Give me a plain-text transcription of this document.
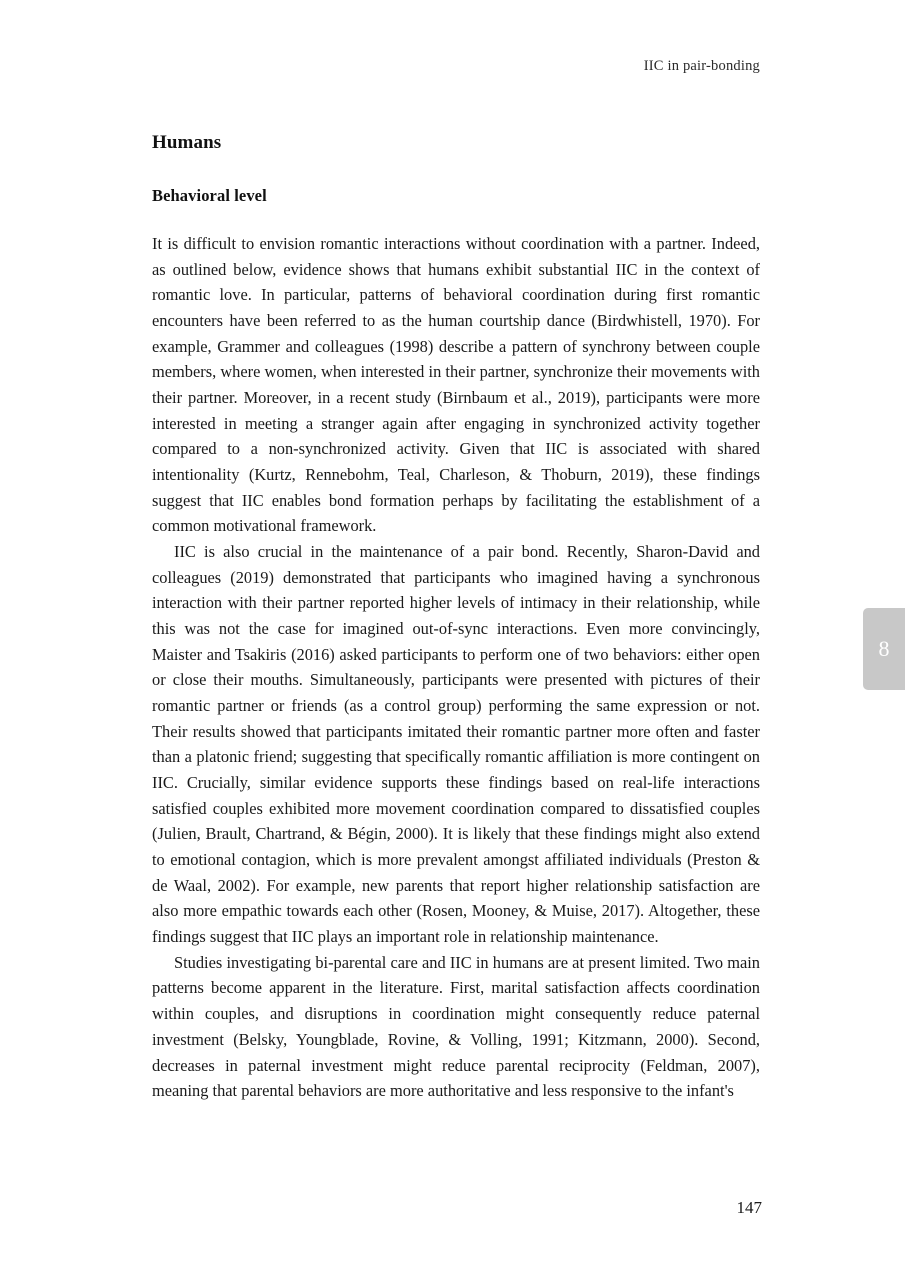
IIC in pair-bonding
Humans
Behavioral level

It is difficult to envision romantic interactions without coordination with a partner. Indeed, as outlined below, evidence shows that humans exhibit substantial IIC in the context of romantic love. In particular, patterns of behavioral coordination during first romantic encounters have been referred to as the human courtship dance (Birdwhistell, 1970). For example, Grammer and colleagues (1998) describe a pattern of synchrony between couple members, where women, when interested in their partner, synchronize their movements with their partner. Moreover, in a recent study (Birnbaum et al., 2019), participants were more interested in meeting a stranger again after engaging in synchronized activity together compared to a non-synchronized activity. Given that IIC is associated with shared intentionality (Kurtz, Rennebohm, Teal, Charleson, & Thoburn, 2019), these findings suggest that IIC enables bond formation perhaps by facilitating the establishment of a common motivational framework.

IIC is also crucial in the maintenance of a pair bond. Recently, Sharon-David and colleagues (2019) demonstrated that participants who imagined having a synchronous interaction with their partner reported higher levels of intimacy in their relationship, while this was not the case for imagined out-of-sync interactions. Even more convincingly, Maister and Tsakiris (2016) asked participants to perform one of two behaviors: either open or close their mouths. Simultaneously, participants were presented with pictures of their romantic partner or friends (as a control group) performing the same expression or not. Their results showed that participants imitated their romantic partner more often and faster than a platonic friend; suggesting that specifically romantic affiliation is more contingent on IIC. Crucially, similar evidence supports these findings based on real-life interactions satisfied couples exhibited more movement coordination compared to dissatisfied couples (Julien, Brault, Chartrand, & Bégin, 2000). It is likely that these findings might also extend to emotional contagion, which is more prevalent amongst affiliated individuals (Preston & de Waal, 2002). For example, new parents that report higher relationship satisfaction are also more empathic towards each other (Rosen, Mooney, & Muise, 2017). Altogether, these findings suggest that IIC plays an important role in relationship maintenance.

Studies investigating bi-parental care and IIC in humans are at present limited. Two main patterns become apparent in the literature. First, marital satisfaction affects coordination within couples, and disruptions in coordination might consequently reduce paternal investment (Belsky, Youngblade, Rovine, & Volling, 1991; Kitzmann, 2000). Second, decreases in paternal investment might reduce parental reciprocity (Feldman, 2007), meaning that parental behaviors are more authoritative and less responsive to the infant's

8
147
